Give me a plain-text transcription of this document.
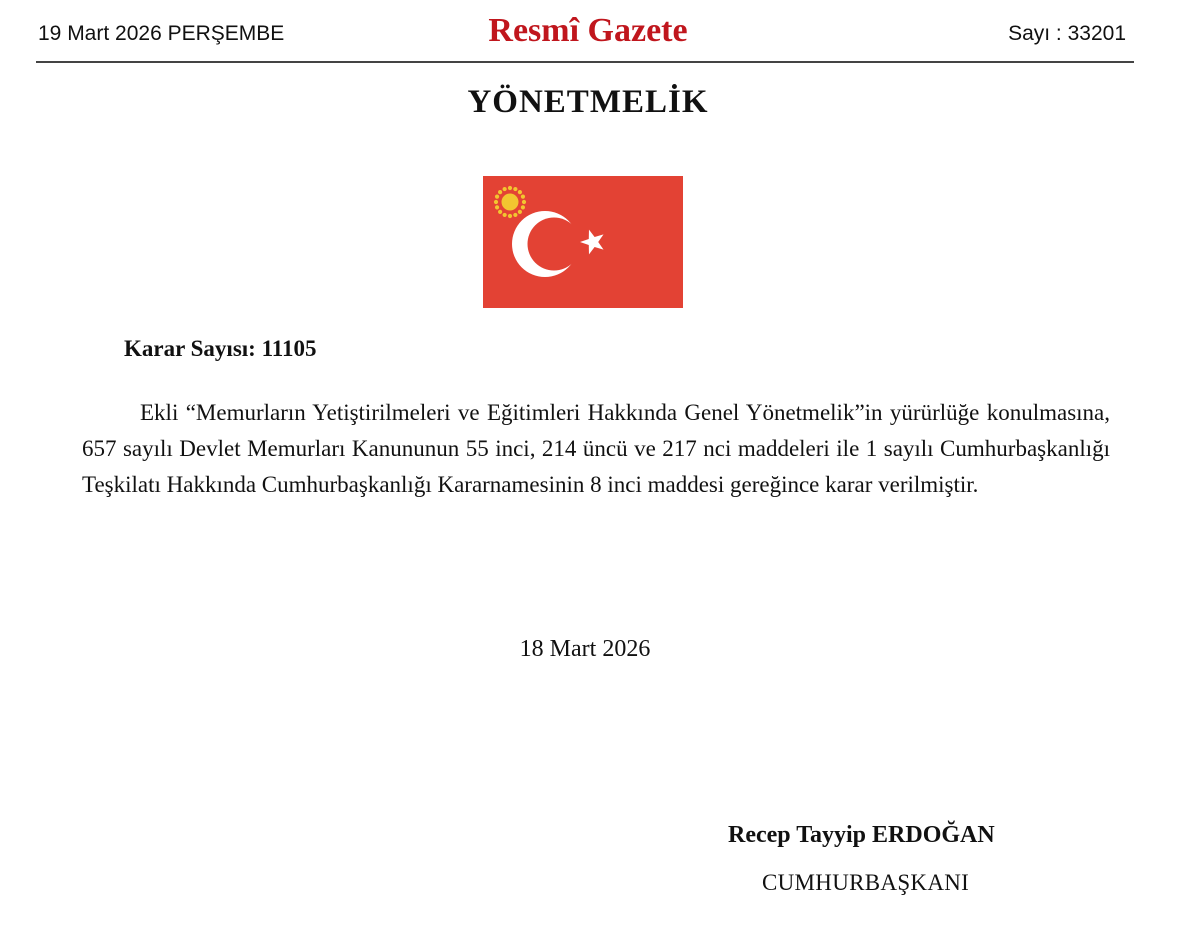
19 Mart 2026 PERŞEMBE	Resmî Gazete	Sayı : 33201
YÖNETMELİK
Karar Sayısı: 11105

Ekli “Memurların Yetiştirilmeleri ve Eğitimleri Hakkında Genel Yönetmelik”in yürürlüğe konulmasına, 657 sayılı Devlet Memurları Kanununun 55 inci, 214 üncü ve 217 nci maddeleri ile 1 sayılı Cumhurbaşkanlığı Teşkilatı Hakkında Cumhurbaşkanlığı Kararnamesinin 8 inci maddesi gereğince karar verilmiştir.

18 Mart 2026
Recep Tayyip ERDOĞAN
CUMHURBAŞKANI
